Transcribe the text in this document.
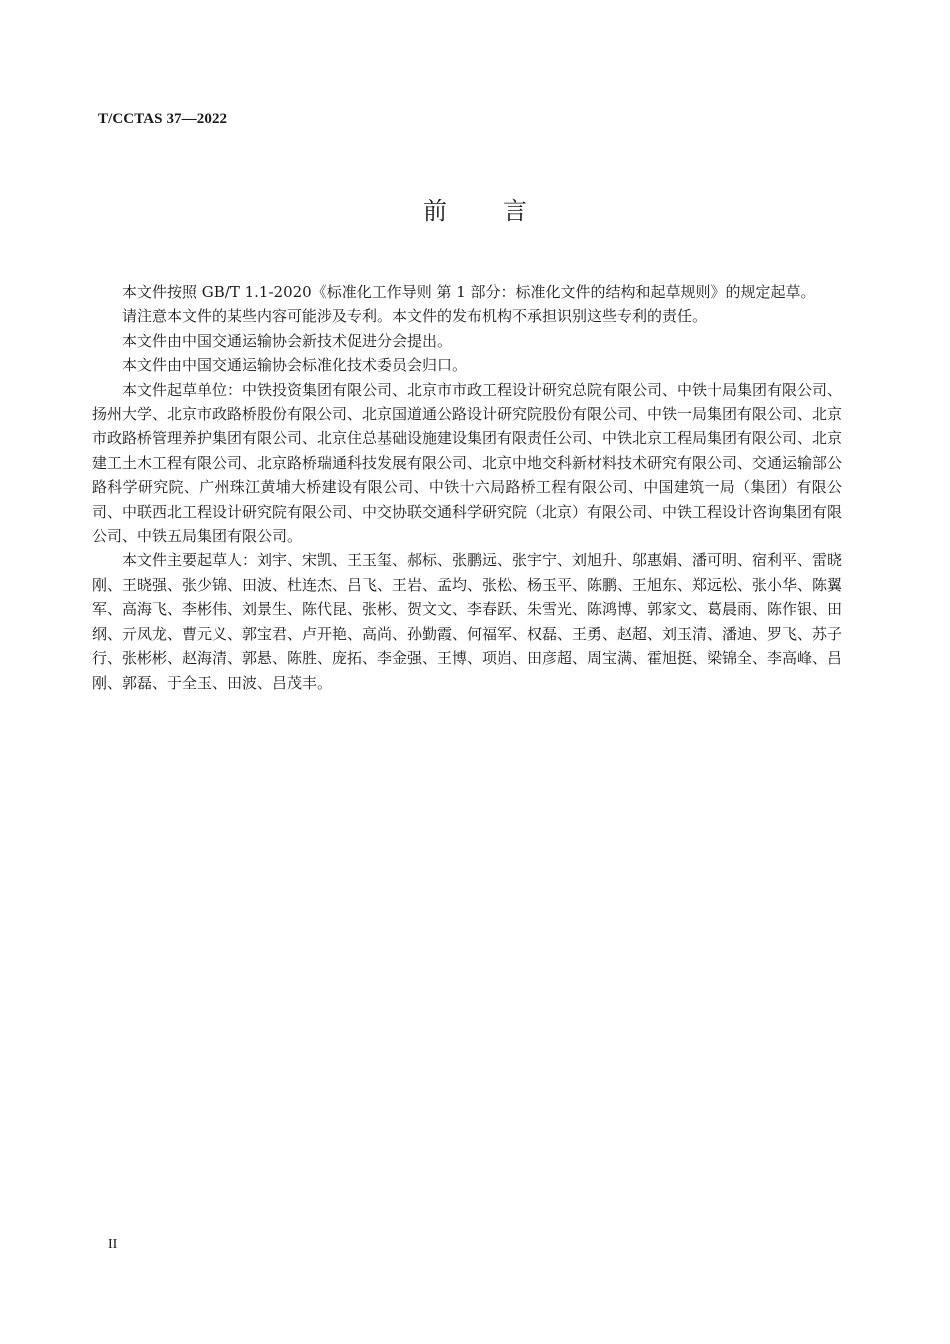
T/CCTAS 37—2022

前 言

本文件按照 GB/T 1.1-2020《标准化工作导则 第 1 部分：标准化文件的结构和起草规则》的规定起草。

请注意本文件的某些内容可能涉及专利。本文件的发布机构不承担识别这些专利的责任。

本文件由中国交通运输协会新技术促进分会提出。

本文件由中国交通运输协会标准化技术委员会归口。

本文件起草单位：中铁投资集团有限公司、北京市市政工程设计研究总院有限公司、中铁十局集团有限公司、扬州大学、北京市政路桥股份有限公司、北京国道通公路设计研究院股份有限公司、中铁一局集团有限公司、北京市政路桥管理养护集团有限公司、北京住总基础设施建设集团有限责任公司、中铁北京工程局集团有限公司、北京建工土木工程有限公司、北京路桥瑞通科技发展有限公司、北京中地交科新材料技术研究有限公司、交通运输部公路科学研究院、广州珠江黄埔大桥建设有限公司、中铁十六局路桥工程有限公司、中国建筑一局（集团）有限公司、中联西北工程设计研究院有限公司、中交协联交通科学研究院（北京）有限公司、中铁工程设计咨询集团有限公司、中铁五局集团有限公司。

本文件主要起草人：刘宇、宋凯、王玉玺、郝标、张鹏远、张宇宁、刘旭升、邬惠娟、潘可明、宿利平、雷晓刚、王晓强、张少锦、田波、杜连杰、吕飞、王岩、孟均、张松、杨玉平、陈鹏、王旭东、郑远松、张小华、陈翼军、高海飞、李彬伟、刘景生、陈代昆、张彬、贺文文、李春跃、朱雪光、陈鸿博、郭家文、葛晨雨、陈作银、田纲、亓凤龙、曹元义、郭宝君、卢开艳、高尚、孙勤霞、何福军、权磊、王勇、赵超、刘玉清、潘迪、罗飞、苏子行、张彬彬、赵海清、郭悬、陈胜、庞拓、李金强、王博、项岿、田彦超、周宝满、霍旭挺、梁锦全、李高峰、吕刚、郭磊、于全玉、田波、吕茂丰。

II
